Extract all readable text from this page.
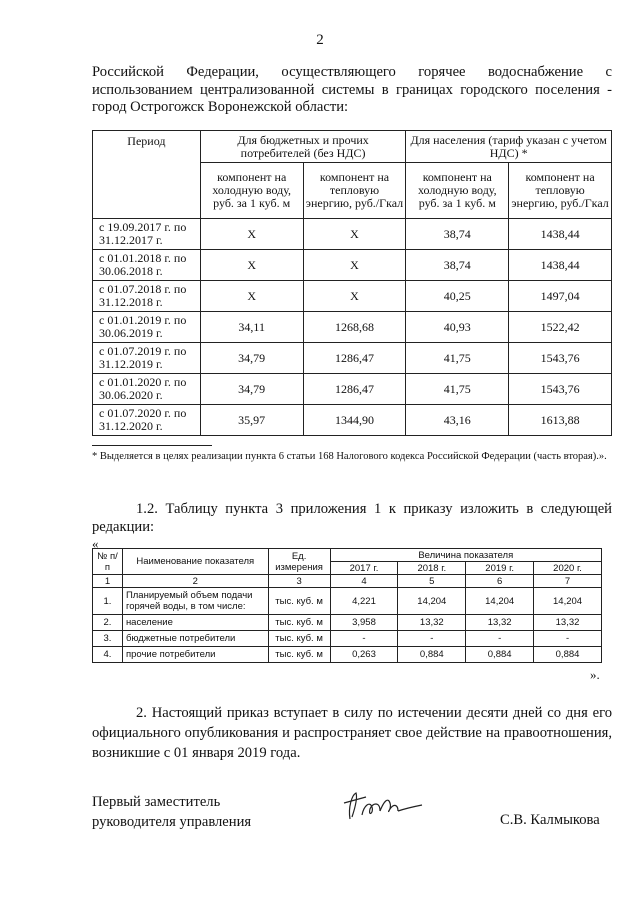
2
Российской Федерации, осуществляющего горячее водоснабжение с использованием централизованной системы в границах городского поселения - город Острогожск Воронежской области:
Период	Для бюджетных и прочих потребителей (без НДС)		Для населения (тариф указан с учетом НДС) *	
	компонент на холодную воду, руб. за 1 куб. м	компонент на тепловую энергию, руб./Гкал	компонент на холодную воду, руб. за 1 куб. м	компонент на тепловую энергию, руб./Гкал
с 19.09.2017 г. по 31.12.2017 г.	Х	Х	38,74	1438,44
с 01.01.2018 г. по 30.06.2018 г.	Х	Х	38,74	1438,44
с 01.07.2018 г. по 31.12.2018 г.	Х	Х	40,25	1497,04
с 01.01.2019 г. по 30.06.2019 г.	34,11	1268,68	40,93	1522,42
с 01.07.2019 г. по 31.12.2019 г.	34,79	1286,47	41,75	1543,76
с 01.01.2020 г. по 30.06.2020 г.	34,79	1286,47	41,75	1543,76
с 01.07.2020 г. по 31.12.2020 г.	35,97	1344,90	43,16	1613,88
* Выделяется в целях реализации пункта 6 статьи 168 Налогового кодекса Российской Федерации (часть вторая).».
1.2. Таблицу пункта 3 приложения 1 к приказу изложить в следующей редакции:
«
№ п/п	Наименование показателя	Ед. измерения	Величина показателя			
			2017 г.	2018 г.	2019 г.	2020 г.
1	2	3	4	5	6	7
1.	Планируемый объем подачи горячей воды, в том числе:	тыс. куб. м	4,221	14,204	14,204	14,204
2.	население	тыс. куб. м	3,958	13,32	13,32	13,32
3.	бюджетные потребители	тыс. куб. м	-	-	-	-
4.	прочие потребители	тыс. куб. м	0,263	0,884	0,884	0,884
».
2. Настоящий приказ вступает в силу по истечении десяти дней со дня его официального опубликования и распространяет свое действие на правоотношения, возникшие с 01 января 2019 года.
Первый заместитель
руководителя управления	С.В. Калмыкова
